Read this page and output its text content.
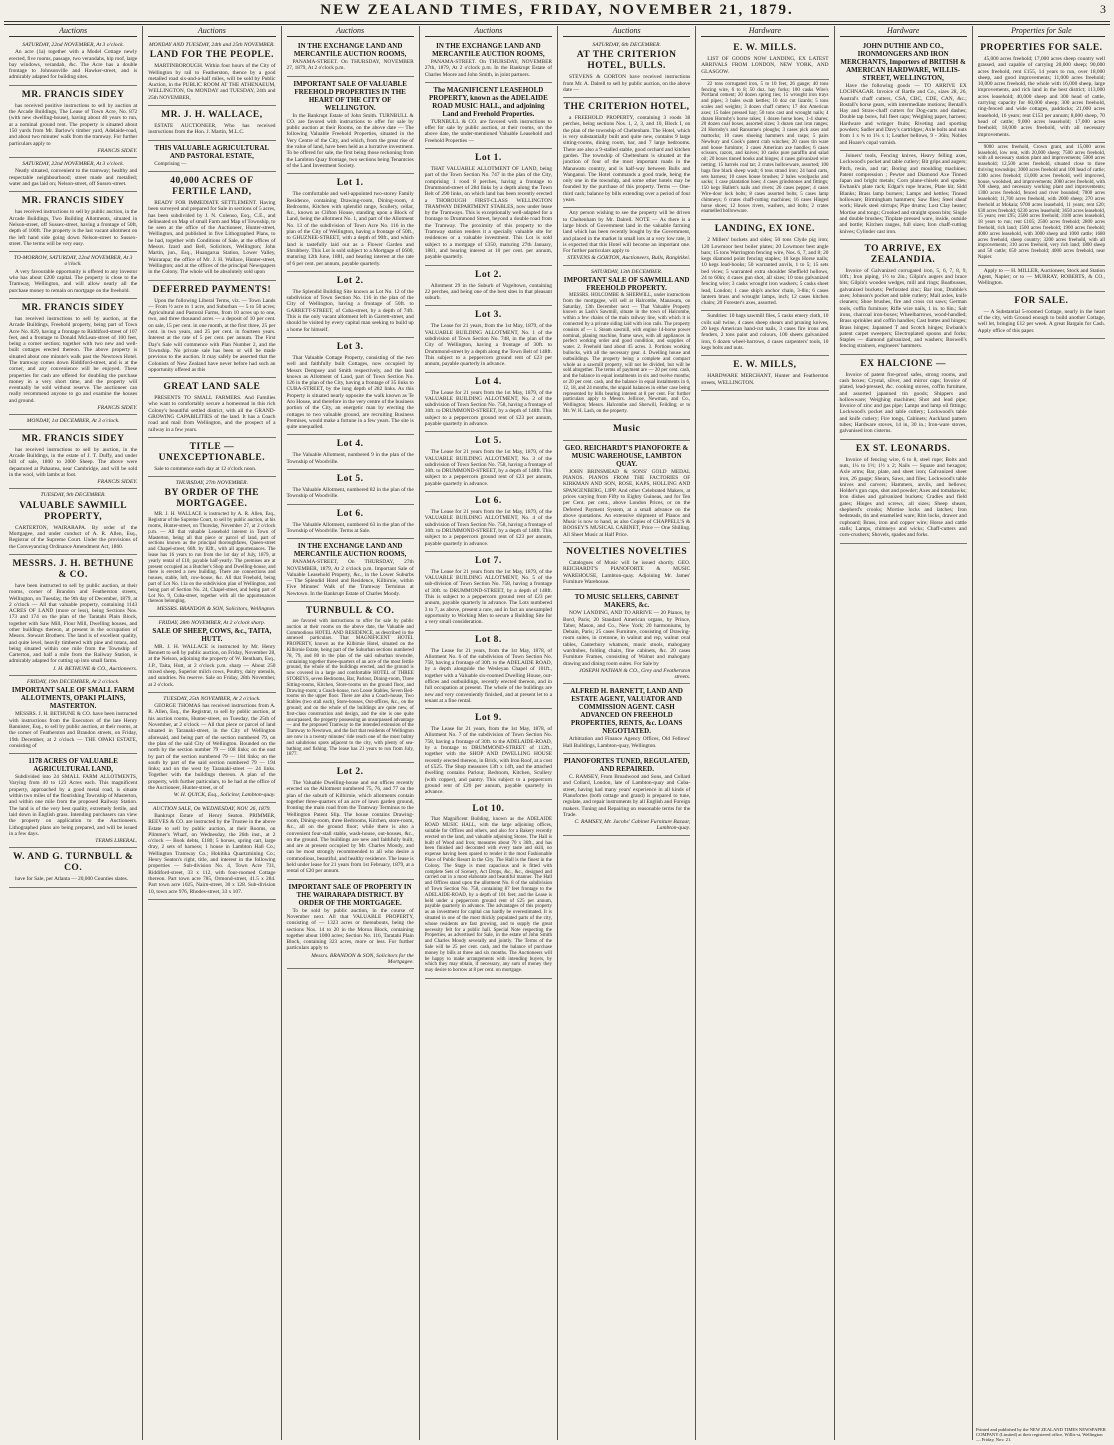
NEW ZEALAND TIMES, FRIDAY, NOVEMBER 21, 1879.	3
Auctions
SATURDAY, 22nd NOVEMBER, At 3 o'clock.

An acre (1a) together with a Model Cottage newly erected, five rooms, passage, two verandahs, hip roof, large bay windows, verandah, &c. The Acre has a double frontage to Johnsonville and Hawker-street, and is admirably adapted for building sites.

MR. FRANCIS SIDEY

has received positive instructions to sell by auction at the Arcade Buildings, The Lease of Town Acre, No. 872 (with new dwelling-house), having about 40 years to run, at a nominal ground rent. The property is situated about 150 yards from Mr. Barlow's timber yard, Adelaide-road, and about two minutes' walk from the tramway. For further particulars apply to

FRANCIS SIDEY.
SATURDAY, 22nd NOVEMBER, At 3 o'clock.

Neatly situated, convenient to the tramway; healthy and respectable neighbourhood; street made and metalled; water and gas laid on; Nelson-street, off Sussex-street.

MR. FRANCIS SIDEY

has received instructions to sell by public auction, in the Arcade Buildings, Two Building Allotments, situated in Nelson-street, off Sussex-street, having a frontage of 50ft, depth of 100ft. The property is the last vacant allotment on the left hand side going down Nelson-street to Sussex-street. The terms will be very easy.

TO-MORROW, SATURDAY, 22nd NOVEMBER, At 3 o'clock.

A very favourable opportunity is offered to any investor who has about £200 capital. The property is close to the Tramway, Wellington, and will allow nearly all the purchase money to remain on mortgage on the freehold.

MR. FRANCIS SIDEY

has received instructions to sell by auction, at the Arcade Buildings, Freehold property, being part of Town Acre No. 829, having a frontage to Riddiford-street of 107 feet, and a frontage to Donald McLean-street of 100 feet, being a corner section; together with two new and well-built cottages erected thereon. The above property is situated about one minute's walk past the Newtown Hotel. The tramway comes down Riddiford-street, and is at the corner, and any convenience will be enjoyed. These properties for cash are offered for doubling the purchase money in a very short time, and the property will eventually be sold without reserve. The auctioneer can really recommend anyone to go and examine the houses and ground.

FRANCIS SIDEY.
MONDAY, 1st DECEMBER, At 3 o'clock.
MR. FRANCIS SIDEY

has received instructions to sell by auction, in the Arcade Buildings, in the estate of J. T. Duffy, and under bill of sale, 1800 to 2000 Sheep. The above were depastured at Pahautea, near Cambridge, and will be sold in the wool, with lambs at foot.

FRANCIS SIDEY.
TUESDAY, 9th DECEMBER.
VALUABLE SAWMILL PROPERTY,

CARTERTON, WAIRARAPA. By order of the Mortgagee, and under conduct of A. R. Allen, Esq., Registrar of the Supreme Court. Under the provisions of the Conveyancing Ordinance Amendment Act, 1860.

MESSRS. J. H. BETHUNE & CO.

have been instructed to sell by public auction, at their rooms, corner of Brandon and Featherston streets, Wellington, on Tuesday, the 9th day of December, 1879, at 2 o'clock — All that valuable property, containing 1143 ACRES OF LAND (more or less), being Sections Nos. 173 and 174 on the plan of the Taratahi Plain Block, together with Saw Mill, Flour Mill, Dwelling houses, and other buildings thereon, at present in the occupation of Messrs. Stewart Brothers. The land is of excellent quality, and quite level, heavily timbered with pine and totara, and being situated within one mile from the Township of Carterton, and half a mile from the Railway Station, is admirably adapted for cutting up into small farms.

J. H. BETHUNE & CO., Auctioneers.
FRIDAY, 19th DECEMBER, At 2 o'clock.
IMPORTANT SALE OF SMALL FARM ALLOTMENTS, OPAKI PLAINS, MASTERTON.

MESSRS. J. H. BETHUNE & CO. have been instructed with instructions from the Executors of the late Henry Bannister, Esq., to sell by public auction, at their rooms, at the corner of Featherston and Brandon streets, on Friday, 19th December, at 2 o'clock — THE OPAKI ESTATE, consisting of

1178 ACRES OF VALUABLE AGRICULTURAL LAND,

Subdivided into 24 SMALL FARM ALLOTMENTS, Varying from 40 to 123 Acres each. This magnificent property, approached by a good metal road, is situate within two miles of the flourishing Township of Masterton, and within one mile from the proposed Railway Station. The land is of the very best quality, extremely fertile, and laid down in English grass. Intending purchasers can view the property on application to the Auctioneers. Lithographed plans are being prepared, and will be issued in a few days.

TERMS LIBERAL.
W. AND G. TURNBULL & CO.

have for Sale, per Atlanta — 20,000 Counties slates.

Auctions
MONDAY AND TUESDAY, 24th and 25th NOVEMBER.
LAND FOR THE PEOPLE.

MARTINBOROUGH. Within four hours of the City of Wellington by rail to Featherston, thence by a good metalled road six-and-a-half miles, will be sold by Public Auction, in the PUBLIC ROOM AT THE ATHENAEUM, WELLINGTON, On MONDAY and TUESDAY, 24th and 25th NOVEMBER,

MR. J. H. WALLACE,

ESTATE AUCTIONEER, Who has received instructions from the Hon. J. Martin, M.L.C.

THIS VALUABLE AGRICULTURAL AND PASTORAL ESTATE,

Comprising —

40,000 ACRES OF FERTILE LAND,

READY FOR IMMEDIATE SETTLEMENT. Having been surveyed and prepared for Sale in sections of 5 acres, has been subdivided by J. N. Colenso, Esq., C.E., and delineated on Map of small Farm and Map of Township, to be seen at the office of the Auctioneer, Hunter-street, Wellington, and published in five Lithographed Plans, to be had, together with Conditions of Sale, at the offices of Messrs. Izard and Bell, Solicitors, Wellington; John Martin, jun., Esq., Huangarua Station, Lower Valley, Wairarapa; the office of Mr. J. H. Wallace, Hunter-street, Wellington; and at the offices of the principal Newspapers in the Colony. The whole will be absolutely sold upon

DEFERRED PAYMENTS!

Upon the following Liberal Terms, viz. — Town Lands — From ½ acre to 1 acre, and Suburban — 5 to 50 acres; Agricultural and Pastoral Farms, from 10 acres up to one, two, and three thousand acres — a deposit of 10 per cent. on sale, 15 per cent. in one month, at the first three, 25 per cent. in two years, and 25 per cent. in fourteen years. Interest at the rate of 5 per cent. per annum. The First Day's Sale will commence with Plan Number 2, and the Township. No private sale has been or will be made previous to the auction. It may safely be asserted that the Colonists of New Zealand have never before had such an opportunity offered as this

GREAT LAND SALE

PRESENTS TO SMALL FARMERS. And Families who want to comfortably secure a homestead in this rich Colony's beautiful settled district, with all the GRAND-GROWING CAPABILITIES of the land. It has a Coach road and mail from Wellington, and the prospect of a railway in a few years.

TITLE — UNEXCEPTIONABLE.

Sale to commence each day at 12 o'clock noon.

THURSDAY, 27th NOVEMBER.
BY ORDER OF THE MORTGAGEE.

MR. J. H. WALLACE is instructed by A. R. Allen, Esq., Registrar of the Supreme Court, to sell by public auction, at his rooms, Hunter-street, on Thursday, November 27, at 2 o'clock p.m. — All that valuable Leasehold interest in Town of Masterton, being all that piece or parcel of land, part of sections known as the principal thoroughfares, Queen-street and Chapel-street, 66ft. by 82ft., with all appurtenances. The lease has 16 years to run from the 1st day of July, 1879, at yearly rental of £10, payable half-yearly. The premises are at present occupied as a Butcher's Shop and Dwelling-house, and there is erected a new building. There are connections and houses, stable, loft, cow-house, &c. All that Freehold, being part of Lot No. 11a on the subdivision plan of Wellington, and being part of Section No. 24, Chapel-street, and being part of Lot No. 9, Cuba-street, together with all the appurtenances thereon belonging.

MESSRS. BRANDON & SON, Solicitors, Wellington.
FRIDAY, 28th NOVEMBER, At 2 o'clock sharp.
SALE OF SHEEP, COWS, &c., TAITA, HUTT.

MR. J. H. WALLACE is instructed by Mr. Henry Bennett to sell by public auction, on Friday, November 28, at the Nelson, adjoining the property of W. Bentham, Esq., J.P., Taita, Hutt, at 2 o'clock p.m. sharp — About 250 mixed sheep, Superior milch cows, Poultry, dairy utensils, and sundries. No reserve. Sale on Friday, 28th November, at 2 o'clock.

TUESDAY, 25th NOVEMBER, At 2 o'clock.

GEORGE THOMAS has received instructions from A. R. Allen, Esq., the Registrar, to sell by public auction, at his auction rooms, Hunter-street, on Tuesday, the 25th of November, at 2 o'clock — All that piece or parcel of land situated in Taranaki-street, in the City of Wellington aforesaid, and being part of the section numbered 79, on the plan of the said City of Wellington. Bounded on the north by the section number 79 — 108 links; on the east by part of the section numbered 79 — 184 links; on the south by part of the said section numbered 79 — 194 links; and on the west by Taranaki-street — 24 links. Together with the buildings thereon. A plan of the property, with further particulars, to be had at the office of the Auctioneer, Hunter-street, or of

W. H. QUICK, Esq., Solicitor, Lambton-quay.
AUCTION SALE, On WEDNESDAY, NOV. 26, 1879.

Bankrupt Estate of Henry Seaton. PRIMMER, REEVES & CO. are instructed by the Trustee in the above Estate to sell by public auction, at their Rooms, on Plimmer's Wharf, on Wednesday, the 26th inst., at 2 o'clock — Book debts, £180; 5 horses, spring cart, large dray, 2 sets of harness; 1 house in Lambton Hall Co.; Wellington Tramway Co.; Hokitika Quartzmining Co.; Henry Seaton's right, title, and interest in the following properties — Sub-division No. 4, Town Acre 731, Riddiford-street, 33 x 112, with four-roomed Cottage thereon. Part town acre 785, Ormond-street, 41.5 x 284. Part town acre 1025, Nairn-street, 30 x 128. Sub-division 10, town acre 976, Rhodes-street, 33 x 107.

Auctions
IN THE EXCHANGE LAND AND MERCANTILE AUCTION ROOMS,

PANAMA-STREET. On THURSDAY, NOVEMBER 27, 1879, At 2 o'clock p.m.

IMPORTANT SALE OF VALUABLE FREEHOLD PROPERTIES IN THE HEART OF THE CITY OF WELLINGTON.

In the Bankrupt Estate of John Smith. TURNBULL & CO. are favored with instructions to offer for sale by public auction at their Rooms, on the above date — The following Valuable Freehold Properties, situated in the Very Centre of the City, and which, from the great rise of the value of land, have been held as a lucrative investment. To be offered for sale, the first being those reckoning from the Lambton Quay frontage, two sections being Tenantcies of the Land Investment Society.

Lot 1.

The comfortable and well-appointed two-storey Family Residence, containing Drawing-room, Dining-room, 4 Bedrooms, Kitchen with splendid range, Scullery, cellar, &c., known as Clifton House, standing upon a Block of Land, being the allotment No. 1, and part of the Allotment No. 13 of the subdivision of Town Acre No. 116 in the plan of the City of Wellington, having a frontage of 50ft., to GHUZNEE-STREET, with a depth of 90ft., and which land is tastefully laid out as a Flower Garden and Shrubbery. This Lot is sold subject to a Mortgage of £600, maturing 12th June, 1881, and bearing interest at the rate of 6 per cent. per annum, payable quarterly.

Lot 2.

The Splendid Building Site known as Lot No. 12 of the subdivision of Town Section No. 116 in the plan of the City of Wellington, having a frontage of 50ft. to GARRETT-STREET, of Cuba-street, by a depth of 74ft. This is the only vacant allotment left in Garrett-street, and should be visited by every capital man seeking to build up a home for himself.

Lot 3.

That Valuable Cottage Property, consisting of the two well and faithfully built Cottages, now occupied by Messrs Dempsey and Smith respectively, and the land known as Allotment of Land, part of Town Section No. 126 in the plan of the City, having a frontage of 35 links to CUBA-STREET, by the long depth of 282 links. As this Property is situated nearly opposite the walk known as Te Aro House, and therefore in the very centre of the business portion of the City, an energetic man by erecting the cottages to two valuable ground, are recruiting Business Premises, would make a fortune in a few years. The site is quite unequalled.

Lot 4.

The Valuable Allotment, numbered 9 in the plan of the Township of Woodville.

Lot 5.

The Valuable Allotment, numbered 82 in the plan of the Township of Woodville.

Lot 6.

The Valuable Allotment, numbered 63 in the plan of the Township of Woodville. Terms at Sale.

IN THE EXCHANGE LAND AND MERCANTILE AUCTION ROOMS,

PANAMA-STREET, On THURSDAY, 27th NOVEMBER, 1879, At 2 o'clock p.m. Important Sale of Valuable Leasehold Property, &c., in the Lower Suburbs — The Splendid Hotel and Residence, Kilbirnie, within Five Minutes' Walk of the Tramway Terminus at Newtown. In the Bankrupt Estate of Charles Moody.

TURNBULL & CO.

are favored with instructions to offer for sale by public auction at their rooms on the above date, the Valuable and Commodious HOTEL AND RESIDENCE, as described in the annexed particulars. That MAGNIFICENT HOTEL PROPERTY, known as the Kilbirnie Hotel, situated on the Kilbirnie Estate, being part of the Suburban sections numbered 78, 79, and 80 in the plan of the said suburban townsite, containing together three-quarters of an acre of the most fertile ground, the whole of the buildings erected, and the ground is now covered in a large and comfortable HOTEL of THREE STOREYS, seven Bedrooms, Bar, Parlour, Dining-room, Three Sitting-rooms, Kitchen, Store-rooms on the ground floor, and Drawing-room; a Coach-house, two Loose Stables, Seven Bed-rooms on the upper floor. There are also a Coach-house, Two Stables (two stall each), Store-houses, Out-offices, &c., on the ground; and on the whole of the buildings are quite new, of first-class construction and design, and the site is one quite unsurpassed, the property possessing an unsurpassed advantage — and the proposed Tramway to the intended extension of the Tramway to Newtown, and the fact that residents of Wellington are now in a twenty minutes' ride reach one of the most balmy and salubrious spots adjacent to the city, with plenty of sea-bathing and fishing. The lease has 21 years to run from July, 1877.

Lot 2.

The Valuable Dwelling-house and out offices recently erected on the Allotment numbered 75, 76, and 77 on the plan of the suburb of Kilbirnie, which allotments contain together three-quarters of an acre of lawn garden ground, fronting the main road from the Tramway Terminus to the Wellington Patent Slip. The house contains Drawing-room, Dining-room, three Bedrooms, Kitchen, store-room, &c., all on the ground floor; while there is also a convenient four-stall stable, wash-house, out-houses, &c., on the ground. The buildings are new and faithfully built, and are at present occupied by Mr. Charles Moody, and can be most strongly recommended to all who desire a commodious, beautiful, and healthy residence. The lease is held under lease for 21 years from 1st February, 1879, at a rental of £20 per annum.

IMPORTANT SALE OF PROPERTY IN THE WAIRARAPA DISTRICT. BY ORDER OF THE MORTGAGEE.

To be sold by public auction, in the course of November next. All that VALUABLE PROPERTY, consisting of — 1323 acres or thereabouts, being the sections Nos. 14 to 20 in the Moroa Block, containing together about 1000 acres; Section No. 116, Taratahi Plain Block, containing 323 acres, more or less. For further particulars apply to

Messrs. BRANDON & SON, Solicitors for the Mortgagee.
Auctions
IN THE EXCHANGE LAND AND MERCANTILE AUCTION ROOMS,

PANAMA-STREET. On THURSDAY, NOVEMBER 27th, 1879, At 2 o'clock p.m. In the Bankrupt Estate of Charles Moore and John Smith, in joint partners.

The MAGNIFICENT LEASEHOLD PROPERTY, known as the ADELAIDE ROAD MUSIC HALL, and adjoining Land and Freehold Properties.

TURNBULL & CO. are favored with instructions to offer for sale by public auction, at their rooms, on the above date, the under-mentioned Valuable Leasehold and Freehold Properties —

Lot 1.

THAT VALUABLE ALLOTMENT OF LAND, being part of the Town Section No. 747 in the plan of the City, comprising 1 rood 8 perches, having a frontage to Drummond-street of 284 links by a depth along the Town Belt of 290 links, on which land has been recently erected a THOROUGH FIRST-CLASS WELLINGTON TRAMWAY DEPARTMENT STABLES, now under lease by the Tramways. This is exceptionally well-adapted for a frontage to Drummond Street, beyond a double road from the Tramway. The proximity of this property to the Tramway station renders it a specially valuable site for residences or a valuable investment. This Lot is sold subject to a mortgage of £350, maturing 27th January, 1881, and bearing interest at 10 per cent. per annum, payable quarterly.

Lot 2.

Allotment 29 in the Suburb of Vogeltown, containing 22 perches, and being one of the best sites in that pleasant suburb.

Lot 3.

The Lease for 21 years, from the 1st May, 1879, of the VALUABLE BUILDING ALLOTMENT, No. 1 of the subdivision of Town Section No. 748, in the plan of the City of Wellington, having a frontage of 30ft. to Drummond-street by a depth along the Town Belt of 148ft. This subject to a peppercorn ground rent of £23 per annum, payable quarterly in advance.

Lot 4.

The Lease for 21 years from the 1st May, 1879, of the VALUABLE BUILDING ALLOTMENT, No. 2 of the subdivision of Town Section No. 758, having a frontage of 30ft. to DRUMMOND-STREET, by a depth of 148ft. This subject to a peppercorn ground rent of £23 per annum, payable quarterly in advance.

Lot 5.

The Lease for 21 years from the 1st May, 1879, of the VALUABLE BUILDING ALLOTMENT, No. 3 of the subdivision of Town Section No. 758, having a frontage of 30ft. to DRUMMOND-STREET, by a depth of 148ft. This subject to a peppercorn ground rent of £23 per annum, payable quarterly in advance.

Lot 6.

The Lease for 21 years from the 1st May, 1879, of the VALUABLE BUILDING ALLOTMENT, No. 4 of the subdivision of Town Section No. 758, having a frontage of 30ft. to DRUMMOND-STREET, by a depth of 148ft. This subject to a peppercorn ground rent of £23 per annum, payable quarterly in advance.

Lot 7.

The Lease for 21 years from the 1st May, 1879, of the VALUABLE BUILDING ALLOTMENT, No. 5 of the sub-division of Town Section No. 758, having a frontage of 30ft. to DRUMMOND-STREET, by a depth of 148ft. This is subject to a peppercorn ground rent of £23 per annum, payable quarterly in advance. The Lots numbered 3 to 7, as above, present a rare, and in fact an unexampled opportunity to Working Men to secure a Building Site for a very small consideration.

Lot 8.

The Lease for 21 years, from the 1st May, 1878, of Allotment No. 6 of the subdivision of Town Section No. 758, having a frontage of 30ft. to the ADELAIDE ROAD, by a depth alongside the Wesleyan Chapel of 101ft., together with a Valuable six-roomed Dwelling House, out-offices and outbuildings, recently erected thereon, and in full occupation at present. The whole of the buildings are new and very conveniently finished, and at present let to a tenant at a fine rental.

Lot 9.

The Lease for 21 years, from the 1st May, 1878, of Allotment No. 7 of the subdivision of Town Section No. 758, having a frontage of 30ft. to the ADELAIDE-ROAD, by a frontage to DRUMMOND-STREET of 112ft., together with the SHOP AND DWELLING HOUSE recently erected thereon, in Brick, with Iron Roof, at a cost of £525. The Shop measures 13ft x 14ft, and the attached dwelling contains Parlour, Bedroom, Kitchen, Scullery (with copper), and pantry. This subject to a peppercorn ground rent of £20 per annum, payable quarterly in advance.

Lot 10.

That Magnificent Building, known as the ADELAIDE ROAD MUSIC HALL, with the large adjoining offices, suitable for Offices and others, and also for a Bakery recently erected on the land, and valuable adjoining Stores. The Hall is built of Wood and Iron; measures about 70 x 36ft., and has been finished and decorated with every taste and skill, no expense having been spared to render it the most Fashionable Place of Public Resort in the City. The Hall is the finest in the Colony. The Stage is most capacious and is fitted with complete Sets of Scenery, Act Drops, &c., &c., designed and carried out in a most elaborate and beautiful manner. The Hall and Offices stand upon the allotment No. 8 of the subdivision of Town Section No. 758, containing 87 feet frontage to the ADELAIDE-ROAD, by a depth of 101 feet; and the Lease is held under a peppercorn ground rent of £25 per annum, payable quarterly in advance. The advantages of this property as an investment for capital can hardly be overestimated. It is situated in one of the most thickly populated parts of the city, whose residents are fast growing, and to supply the great necessity felt for a public hall. Special Note respecting the Properties, as advertised for Sale, in the estate of John Smith and Charles Moody severally and jointly. The Terms of the Sale will be 25 per cent. cash, and the balance of purchase money by bills at three and six months. The Auctioneers will be happy to make arrangements with intending buyers, by which they may obtain, if necessary, any sum of money they may desire to borrow at 8 per cent. on mortgage.

Auctions
SATURDAY, 6th DECEMBER.
AT THE CRITERION HOTEL, BULLS.

STEVENS & GORTON have received instructions from Mr. A. Dalrell to sell by public auction, on the above date —

THE CRITERION HOTEL,

a FREEHOLD PROPERTY, containing 3 roods 38 perches, being sections Nos. 1, 2, 3, and 10, Block I, on the plan of the township of Cheltenham. The Hotel, which is very substantially built and quite new, contains 9 large sitting-rooms, dining room, bar, and 7 large bedrooms. There are also a 9-stalled stable, good orchard and kitchen garden. The township of Cheltenham is situated at the junction of four of the most important roads in the Manawatu country, and is half-way between Bulls and Wanganui. The Hotel commands a good trade, being the only one in the township, and some other hotels may be founded by the purchase of this property. Terms — One-third cash; balance by bills extending over a period of four years.

Any person wishing to see the property will be driven to Cheltenham by Mr. Dalrell. NOTE — As there is a large block of Government land in the valuable farming land which has been recently bought by the Government, and placed in the market in small lots at a very low rate, it is expected that this Hotel will become an important one. For further particulars apply to

STEVENS & GORTON, Auctioneers, Bulls, Rangitikei.
SATURDAY, 13th DECEMBER.
IMPORTANT SALE OF SAWMILL AND FREEHOLD PROPERTY.

MESSRS. HOLCOMBE & SHERWILL, under instructions from the mortgagee, will sell at Halcombe, Manawatu, on Saturday, 13th December next — That Valuable Property known as Lash's Sawmill, situate in the town of Halcombe, within a few chains of the main railway line, with which it is connected by a private siding laid with iron rails. The property consists of — 1. Steam sawmill, with engine 14-horse power nominal, planing machine, frame saws, with all appliances in perfect working order and good condition, and supplies of water. 2. Freehold land about 45 acres. 3. Portions working bullocks, with all the necessary gear. 4. Dwelling house and outbuildings. The property being a complete and compact whole as a sawmill property, will not be divided, but will be sold altogether. The terms of payment are — 20 per cent. cash, and the balance in equal instalments in six and twelve months; or 20 per cent. cash, and the balance in equal instalments in 6, 12, 18, and 24 months, the unpaid balances in either case being represented by bills bearing interest at 8 per cent. For further particulars apply to Messrs. Jellicoe, Newman, and Co., Wellington; Messrs. Halcombe and Sherwill, Feilding; or to Mr. W. H. Lash, on the property.

Music
GEO. REICHARDT'S PIANOFORTE & MUSIC WAREHOUSE, LAMBTON QUAY.

JOHN BRINSMEAD & SONS' GOLD MEDAL PIANOS. PIANOS FROM THE FACTORIES OF KIRKMAN AND SON, ROSE, KAPS, HOLLING AND SPANGENBERG, LIPP. And other Celebrated Makers, at prices varying from Fifty to Eighty Guineas, and for Ten per Cent. per cent., above London Prices, or on the Deferred Payment System, at a small advance on the above quotations. An extensive shipment of Pianos and Music is now to hand, as also Copies of CHAPPELL'S & BOOSEY'S MUSICAL CABINET, Price — One Shilling. All Sheet Music at Half Price.

NOVELTIES NOVELTIES

Catalogues of Music will be issued shortly. GEO. REICHARDT'S PIANOFORTE & MUSIC WAREHOUSE, Lambton-quay. Adjoining Mr. James' Furniture Warehouse.

TO MUSIC SELLERS, CABINET MAKERS, &c.

NOW LANDING, AND TO ARRIVE — 20 Pianos, by Bord, Paris; 20 Standard American organs, by Prince, Taber, Mason, and Co., New York; 20 harmoniums, by Debain, Paris; 25 cases Furniture, consisting of Drawing-room suites, in cretonne, in walnut and rep, walnut oval tables, Canterbury whatnots, music stools, mahogany wardrobes, folding chairs, fine cabinets, &c. 20 cases Furniture Frames, consisting of Walnut and mahogany drawing and dining room suites. For Sale by

JOSEPH NATHAN & CO., Grey and Featherston streets.
ALFRED H. BARNETT, LAND AND ESTATE AGENT, VALUATOR AND COMMISSION AGENT. CASH ADVANCED ON FREEHOLD PROPERTIES, RENTS, &c. LOANS NEGOTIATED.

Arbitration and Finance Agency Offices, Old Fellows' Hall Buildings, Lambton-quay, Wellington.

PIANOFORTES TUNED, REGULATED, AND REPAIRED.

C. RAMSEY, From Broadwood and Sons, and Collard and Collard, London, late of Lambton-quay and Cuba-street, having had many years' experience in all kinds of Pianofortes (both cottage and grand) is prepared to tune, regulate, and repair instruments by all English and Foreign makers. Tuning and Repairing on reasonable terms for the Trade.

C. RAMSEY, Mr. Jacobs' Cabinet Furniture Bazaar, Lambton-quay.
Hardware
E. W. MILLS.

LIST OF GOODS NOW LANDING, EX LATEST ARRIVALS FROM LONDON, NEW YORK, AND GLASGOW.

22 tons corrugated iron, 5 to 10 feet, 26 gauge; 40 tons fencing wire, 6 to 8; 50 doz. hay forks; 100 casks Wire's Portland cement; 20 dozen spring ties; 15 wrought iron trays and pipes; 3 bales swab kettles; 10 doz cut lizards; 5 tons scales and weights; 3 dozen chaff cutters; 17 doz American axes; 15 bales pressed hay; 50 tons cast and wrought nails; 4 dozen Hornsby's horse rakes; 1 dozen horse hoes, 1-4 shares; 20 dozen coal boxes, assorted sizes; 3 dozen cast iron ranges; 24 Hornsby's and Ransome's ploughs; 3 cases pick axes and mattocks; 10 cases shoeing hammers and rasps; 5 pairs Newbury and Cook's patent crab winches; 20 cases tin ware and house furniture; 3 cases American axe handles; 6 cases scissors, razors, and knives; 10 casks pure paraffin and salad oil; 20 boxes tinned hooks and hinges; 4 cases galvanized wire netting; 15 barrels coal tar; 2 crates hollowware, assorted; 100 bags fine black sheep wash; 6 tons strand iron; 24 hand carts, sets harness; 10 cases house brushes; 2 bales woolpacks and sacks; 1 case plantation hoes; 4 cases grindstones and fittings; 150 kegs Hallett's nails and rivets; 26 cases pepper; 4 cases Wire-door lock bolts; 8 cases assorted bolts; 5 cases lamp chimneys; 6 crates chaff-cutting machines; 16 cases Hinged horse shoes; 12 boxes rivets, washers, and bolts; 2 crates enamelled hollowware.

LANDING, EX IONE.

2 Millers' buckets and sides; 50 tons Clyde pig iron; 120 Lowmoor best boiler plates; 20 Lowmoor best angle bars; 15 tons Warrington fencing wire, Nos. 6, 7, and 8; 20 kegs diamond point fencing staples; 10 kegs Horse nails; 10 kegs lead-hooks; 50 warranted anvils, 1 to 5; 15 sets bed vices; 5 warranted extra shoulder Sheffield hollows, 24 to 60in; 4 cases gun shot, all sizes; 10 tons galvanized fencing wire; 3 casks wrought iron washers; 5 casks sheet lead, London; 1 case ship's anchor chain, 3-8in; 6 cases lantern brass and wrought lamps, inch; 12 cases kitchen chairs; 20 Forester's axes, assorted.

Sundries: 10 bags sawmill files, 5 casks emery cloth, 10 coils sail twine, 4 cases sheep shears and pruning knives, 20 kegs American hand-cut nails, 3 cases fire irons and fenders, 2 tons paint and colours, 100 sheets galvanized iron, 6 dozen wheel-barrows, 4 cases carpenters' tools, 10 kegs bolts and nuts.

E. W. MILLS,

HARDWARE MERCHANT, Hunter and Featherston streets, WELLINGTON.

Hardware
JOHN DUTHIE AND CO., IRONMONGERS AND IRON MERCHANTS, Importers of BRITISH & AMERICAN HARDWARE, WILLIS-STREET, WELLINGTON,

Have the following goods — TO ARRIVE EX LOCHNAGAR. Invoice of Bartle and Co., sizes 28, 26, Austral's chaff cutters, CSA, CBC, CDE, CAN, &c.; Bostall's horse gears, with intermediate motions; Bentall's Hay and Straw-chaff cutters for Dog-carts and dashes; Double tap bores, full fleet caps; Weighing paper, harness; Hardware and wringer fruits; Riveting and sporting powders; Sadler and Davy's cartridges; Axle bolts and nuts from 1 x ¾ to 1¼ x 1; Leather bellows, 9 - 36in; Nobles and Hoare's copal varnish.

Joiners' tools, Fencing knives, Heavy felling axes, Lockwood's pocket and table cutlery; Bit grips and augers; Pitch, resin, and tar; Boring and moulding machines; Patent compression ; Pewter and Diamond Axe Tinned Japan and bright metals; Corn plane-chisels and spades; Ewbank's plate rack; Edgar's rope braces, Plate kit; Sidd Blanks; Brass lamp burners; Lamps and kettles; Tinned holloware; Birmingham hammers; Saw files; Steel sheaf work; Hawk steel stirrups; Pipe drums; Lost Clay heater; Mortise and tongs; Crooked and straight spoon bits; Single and double brushes; Tinplate pressed ware, inside, outside and bottle; Kitchen ranges, full sizes; Iron chaff-cutting knives; Cylinder cast iron.

TO ARRIVE, EX ZEALANDIA.

Invoice of Galvanized corrugated iron, 5, 6, 7, 8, 9, 10ft.; Iron piping, 1½ to 2in.; Gilpin's augers and brace bits; Gilpin's wooden wedges, mill and rings; Boatbusses, galvanized buckets; Perforated zinc; Bar iron, Drabble's axes; Johnson's pocket and table cutlery; Mail axles, knife cleaners; Shoe brushes, fire and cross cut saws; German tools, coffin furniture; Rifle wire nails, 1 in. to 6in.; Salt irons, charcoal iron-boxes; Wheelbarrows, wood-handled; Brass sprinkles and coffin handles; Cast buttes and hinges; Brass hinges; Japanned T and Scotch hinges; Ewbank's patent carpet sweepers; Electroplated spoons and forks; Staples — diamond galvanized, and washers; Boswell's fencing strainers, engineers' hammers.

EX HALCIONE —

Invoice of patent fire-proof safes, strong rooms, and cash boxes; Crystal, silver, and mirror caps; Invoice of plated, lead-pressed, &c. cooking stoves, coffin furniture, and assorted japanned tin goods; Shippers and hollowware; Weighing machines; Shot and lead pipe; Invoice of zinc and gas pipe; Lamps and lamp oil fittings; Lockwood's pocket and table cutlery; Lockwood's table and knife cutlery; Fire tongs, Cabinets; Auckland pattern tubes; Hardware stoves, 14 in, 30 in.; Iron-ware stoves, galvanised iron cisterns.

EX ST. LEONARDS.

Invoice of fencing wire, 6 to 8, steel rope; Bolts and nuts, 1¼ to 1½; 1½ x 2; Nails — Square and hexagon; Axle arms; Bar, plate, and sheet iron; Galvanized sheet iron, 26 gauge; Shears, Saws, and files; Lockwood's table knives and carvers; Hammers, anvils, and bellows; Holder's gun caps, shot and powder; Axes and tomahawks; Iron dishes and galvanized buckets; Cradles and field gates; Hinges and screws, all sizes; Sheep shears, shepherd's crooks; Mortise locks and latches; Iron bedsteads, tin and enamelled ware; Rim locks, drawer and cupboard; Brass, iron and copper wire; Horse and cattle stalls; Lamps, chimneys and wicks; Chaff-cutters and corn-crushers; Shovels, spades and forks.

Properties for Sale
PROPERTIES FOR SALE.

45,000 acres freehold; 17,000 acres sheep country well grassed, and capable of carrying 20,000 sheep; 90,000 acres freehold, rent £155, 14 years to run, over 18,000 sheep, and good improvements; 11,000 acres freehold; 10,000 acres freehold, the whole with 16,000 sheep, large improvements, and rich land in the best district; 113,000 acres leasehold; 40,000 sheep and 300 head of cattle, carrying capacity for 60,000 sheep; 300 acres freehold, ring-fenced and wide cottages, paddocks; 21,000 acres leasehold, 16 years; rent £153 per annum; 8,000 sheep, 70 head of cattle; 9,000 acres leasehold; 17,000 acres freehold; 18,000 acres freehold, with all necessary improvements.

9000 acres freehold, Crown grant, and 15,000 acres leasehold, low rent, with 20,000 sheep; 7500 acres freehold, with all necessary station plant and improvements; 5000 acres leasehold; 12,500 acres freehold, situated close to three thriving townships; 3000 acres freehold and 100 head of cattle; 3300 acres freehold; 13,000 acres freehold, well improved, house, woolshed, and improvements; 2000 acres freehold, with 700 sheep, and necessary working plant and improvements; 1300 acres freehold, fenced and river bounded; 7000 acres leasehold; 11,700 acres freehold, with 2000 sheep; 270 acres freehold at Mokaia; 9700 acres leasehold, 11 years; rent £20; 630 acres freehold; 6230 acres leasehold; 3650 acres leasehold, 15 years; rent £95; 2500 acres freehold; 3180 acres leasehold, 18 years to run; rent £105; 2500 acres freehold; 2800 acres freehold, rich land; 1500 acres freehold; 1900 acres freehold; 4000 acres leasehold, with 3000 sheep and 1000 cattle; 1680 acres freehold, sheep country; 3200 acres freehold, with all improvements; 310 acres freehold, very rich land; 1800 sheep and 50 cattle; 650 acres freehold; 4000 acres freehold, near Napier.

Apply to — H. MILLER, Auctioneer, Stock and Station Agent, Napier; or to — MURRAY, ROBERTS, & CO., Wellington.

FOR SALE.

— A Substantial 5-roomed Cottage, nearly in the heart of the city, with Ground enough to build another Cottage, well let, bringing £12 per week. A great Bargain for Cash. Apply office of this paper.

Printed and published by the NEW ZEALAND TIMES NEWSPAPER COMPANY (Limited) at their registered office, Willis-st, Wellington — Friday, Nov. 21.
